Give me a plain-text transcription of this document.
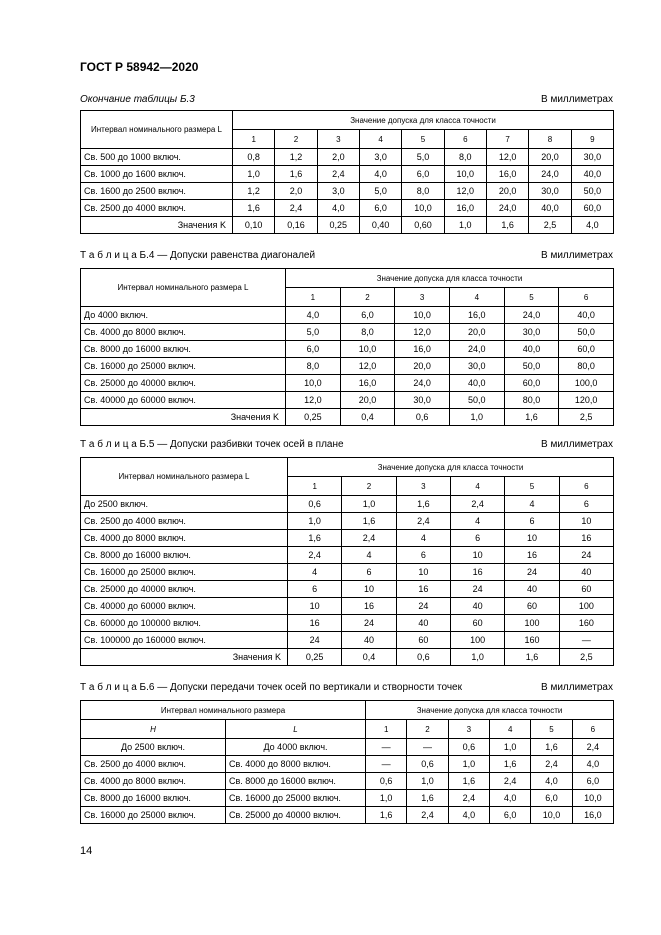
ГОСТ Р 58942—2020
Окончание таблицы Б.3	В миллиметрах
Интервал номинального размера L	Значение допуска для класса точности								
	1	2	3	4	5	6	7	8	9
Св. 500 до 1000 включ.	0,8	1,2	2,0	3,0	5,0	8,0	12,0	20,0	30,0
Св. 1000 до 1600 включ.	1,0	1,6	2,4	4,0	6,0	10,0	16,0	24,0	40,0
Св. 1600 до 2500 включ.	1,2	2,0	3,0	5,0	8,0	12,0	20,0	30,0	50,0
Св. 2500 до 4000 включ.	1,6	2,4	4,0	6,0	10,0	16,0	24,0	40,0	60,0
Значения K	0,10	0,16	0,25	0,40	0,60	1,0	1,6	2,5	4,0
Т а б л и ц а Б.4 — Допуски равенства диагоналей	В миллиметрах
Интервал номинального размера L	Значение допуска для класса точности					
	1	2	3	4	5	6
До 4000 включ.	4,0	6,0	10,0	16,0	24,0	40,0
Св. 4000 до 8000 включ.	5,0	8,0	12,0	20,0	30,0	50,0
Св. 8000 до 16000 включ.	6,0	10,0	16,0	24,0	40,0	60,0
Св. 16000 до 25000 включ.	8,0	12,0	20,0	30,0	50,0	80,0
Св. 25000 до 40000 включ.	10,0	16,0	24,0	40,0	60,0	100,0
Св. 40000 до 60000 включ.	12,0	20,0	30,0	50,0	80,0	120,0
Значения K	0,25	0,4	0,6	1,0	1,6	2,5
Т а б л и ц а Б.5 — Допуски разбивки точек осей в плане	В миллиметрах
Интервал номинального размера L	Значение допуска для класса точности					
	1	2	3	4	5	6
До 2500 включ.	0,6	1,0	1,6	2,4	4	6
Св. 2500 до 4000 включ.	1,0	1,6	2,4	4	6	10
Св. 4000 до 8000 включ.	1,6	2,4	4	6	10	16
Св. 8000 до 16000 включ.	2,4	4	6	10	16	24
Св. 16000 до 25000 включ.	4	6	10	16	24	40
Св. 25000 до 40000 включ.	6	10	16	24	40	60
Св. 40000 до 60000 включ.	10	16	24	40	60	100
Св. 60000 до 100000 включ.	16	24	40	60	100	160
Св. 100000 до 160000 включ.	24	40	60	100	160	—
Значения K	0,25	0,4	0,6	1,0	1,6	2,5
Т а б л и ц а Б.6 — Допуски передачи точек осей по вертикали и створности точек	В миллиметрах
Интервал номинального размера		Значение допуска для класса точности					
H	L	1	2	3	4	5	6
До 2500 включ.	До 4000 включ.	—	—	0,6	1,0	1,6	2,4
Св. 2500 до 4000 включ.	Св. 4000 до 8000 включ.	—	0,6	1,0	1,6	2,4	4,0
Св. 4000 до 8000 включ.	Св. 8000 до 16000 включ.	0,6	1,0	1,6	2,4	4,0	6,0
Св. 8000 до 16000 включ.	Св. 16000 до 25000 включ.	1,0	1,6	2,4	4,0	6,0	10,0
Св. 16000 до 25000 включ.	Св. 25000 до 40000 включ.	1,6	2,4	4,0	6,0	10,0	16,0
14
